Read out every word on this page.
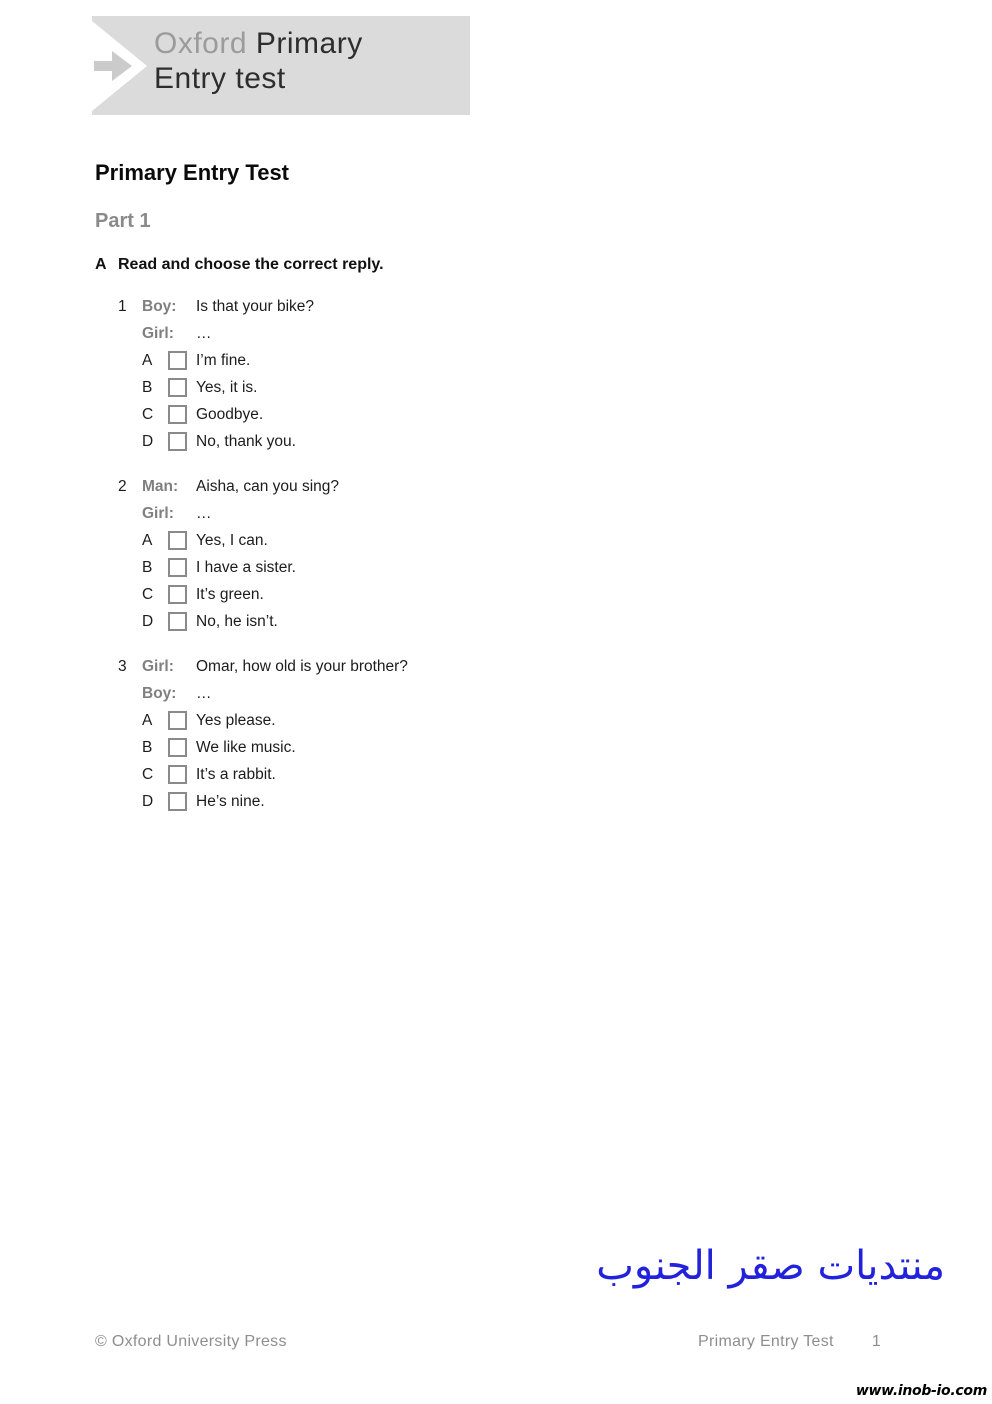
Oxford Primary
Entry test
Primary Entry Test
Part 1
A Read and choose the correct reply.
1 Boy:	Is that your bike?
Girl:	…
A	I’m fine.
B	Yes, it is.
C	Goodbye.
D	No, thank you.
2 Man:	Aisha, can you sing?
Girl:	…
A	Yes, I can.
B	I have a sister.
C	It’s green.
D	No, he isn’t.
3 Girl:	Omar, how old is your brother?
Boy:	…
A	Yes please.
B	We like music.
C	It’s a rabbit.
D	He’s nine.
منتديات صقر الجنوب
© Oxford University Press	Primary Entry Test 1
www.inob-io.com
